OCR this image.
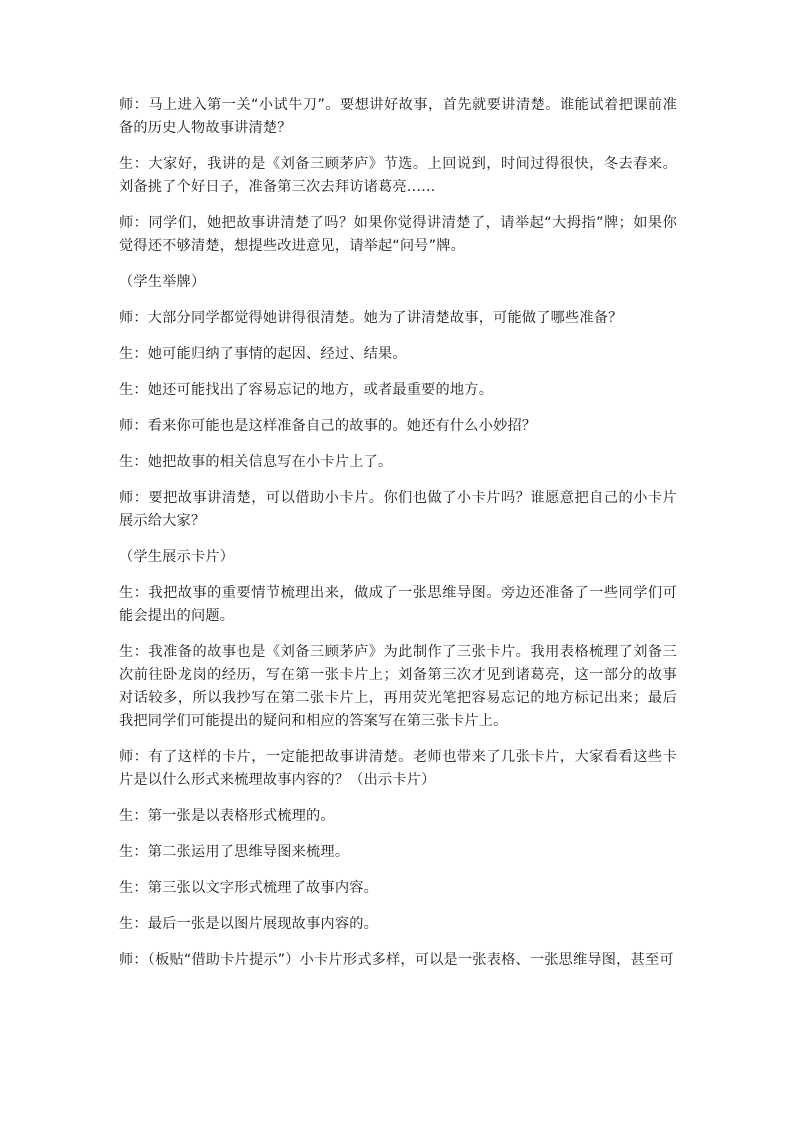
师：马上进入第一关“小试牛刀”。要想讲好故事，首先就要讲清楚。谁能试着把课前准备的历史人物故事讲清楚？

生：大家好，我讲的是《刘备三顾茅庐》节选。上回说到，时间过得很快，冬去春来。刘备挑了个好日子，准备第三次去拜访诸葛亮……

师：同学们，她把故事讲清楚了吗？如果你觉得讲清楚了，请举起“大拇指”牌；如果你觉得还不够清楚，想提些改进意见，请举起“问号”牌。

（学生举牌）

师：大部分同学都觉得她讲得很清楚。她为了讲清楚故事，可能做了哪些准备？

生：她可能归纳了事情的起因、经过、结果。

生：她还可能找出了容易忘记的地方，或者最重要的地方。

师：看来你可能也是这样准备自己的故事的。她还有什么小妙招？

生：她把故事的相关信息写在小卡片上了。

师：要把故事讲清楚，可以借助小卡片。你们也做了小卡片吗？谁愿意把自己的小卡片展示给大家？

（学生展示卡片）

生：我把故事的重要情节梳理出来，做成了一张思维导图。旁边还准备了一些同学们可能会提出的问题。

生：我准备的故事也是《刘备三顾茅庐》为此制作了三张卡片。我用表格梳理了刘备三次前往卧龙岗的经历，写在第一张卡片上；刘备第三次才见到诸葛亮，这一部分的故事对话较多，所以我抄写在第二张卡片上，再用荧光笔把容易忘记的地方标记出来；最后我把同学们可能提出的疑问和相应的答案写在第三张卡片上。

师：有了这样的卡片，一定能把故事讲清楚。老师也带来了几张卡片，大家看看这些卡片是以什么形式来梳理故事内容的？（出示卡片）

生：第一张是以表格形式梳理的。

生：第二张运用了思维导图来梳理。

生：第三张以文字形式梳理了故事内容。

生：最后一张是以图片展现故事内容的。

师：（板贴“借助卡片提示”）小卡片形式多样，可以是一张表格、一张思维导图，甚至可
